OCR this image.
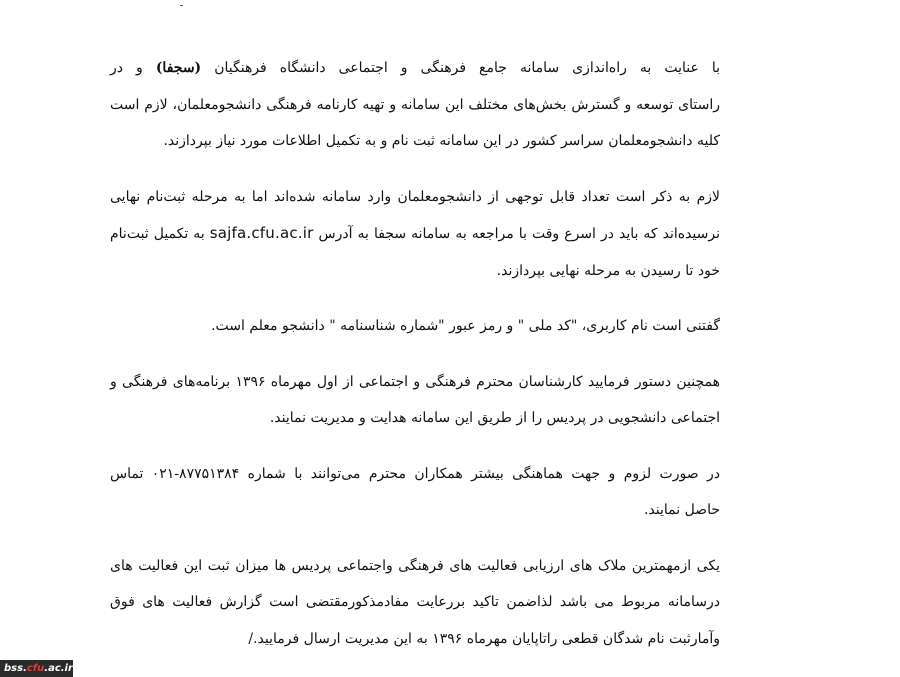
با عنایت به راه‌اندازی سامانه جامع فرهنگی و اجتماعی دانشگاه فرهنگیان (سجفا) و در
راستای توسعه و گسترش بخش‌های مختلف این سامانه و تهیه کارنامه فرهنگی دانشجومعلمان، لازم است
کلیه دانشجومعلمان سراسر کشور در این سامانه ثبت نام و به تکمیل اطلاعات مورد نیاز بپردازند.

لازم به ذکر است تعداد قابل توجهی از دانشجومعلمان وارد سامانه شده‌اند اما به مرحله ثبت‌نام نهایی
نرسیده‌اند که باید در اسرع وقت با مراجعه به سامانه سجفا به آدرس sajfa.cfu.ac.ir به تکمیل ثبت‌نام
خود تا رسیدن به مرحله نهایی بپردازند.

گفتنی است نام کاربری، "کد ملی " و رمز عبور "شماره شناسنامه " دانشجو معلم است.

همچنین دستور فرمایید کارشناسان محترم فرهنگی و اجتماعی از اول مهرماه ۱۳۹۶ برنامه‌های فرهنگی و
اجتماعی دانشجویی در پردیس را از طریق این سامانه هدایت و مدیریت نمایند.

در صورت لزوم و جهت هماهنگی بیشتر همکاران محترم می‌توانند با شماره ۸۷۷۵۱۳۸۴-۰۲۱ تماس
حاصل نمایند.

یکی ازمهمترین ملاک های ارزیابی فعالیت های فرهنگی واجتماعی پردیس ها میزان ثبت این فعالیت های
درسامانه مربوط می باشد لذاضمن تاکید بررعایت مفادمذکورمقتضی است گزارش فعالیت های فوق
وآمارثبت نام شدگان قطعی راتاپایان مهرماه ۱۳۹۶ به این مدیریت ارسال فرمایید./

bss.cfu.ac.ir
